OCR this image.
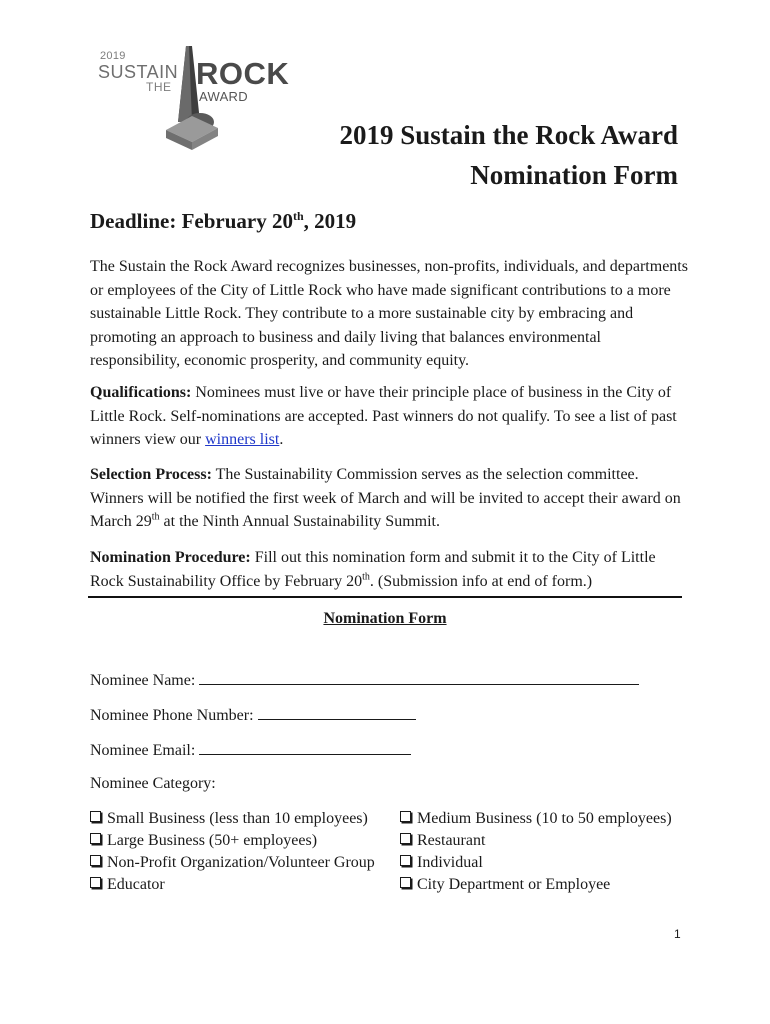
2019
SUSTAIN
THE ROCK
AWARD
2019 Sustain the Rock Award
Nomination Form
Deadline: February 20th, 2019
The Sustain the Rock Award recognizes businesses, non-profits, individuals, and departments or employees of the City of Little Rock who have made significant contributions to a more sustainable Little Rock. They contribute to a more sustainable city by embracing and promoting an approach to business and daily living that balances environmental responsibility, economic prosperity, and community equity.
Qualifications: Nominees must live or have their principle place of business in the City of Little Rock. Self-nominations are accepted. Past winners do not qualify. To see a list of past winners view our winners list.
Selection Process: The Sustainability Commission serves as the selection committee. Winners will be notified the first week of March and will be invited to accept their award on March 29th at the Ninth Annual Sustainability Summit.
Nomination Procedure: Fill out this nomination form and submit it to the City of Little Rock Sustainability Office by February 20th. (Submission info at end of form.)
Nomination Form
Nominee Name:
Nominee Phone Number:
Nominee Email:
Nominee Category:
Small Business (less than 10 employees)
Large Business (50+ employees)
Non-Profit Organization/Volunteer Group
Educator
Medium Business (10 to 50 employees)
Restaurant
Individual
City Department or Employee
1
